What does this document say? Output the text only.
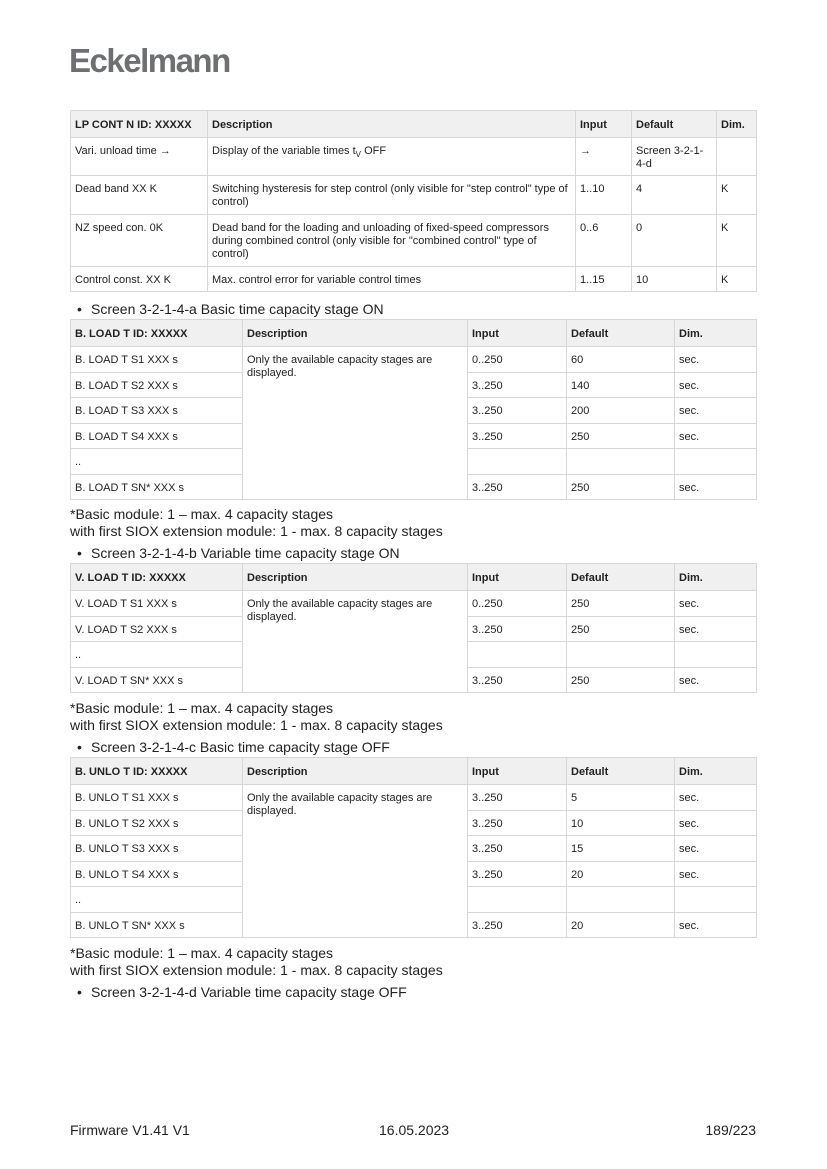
Eckelmann
LP CONT N ID: XXXXX	Description	Input	Default	Dim.
Vari. unload time →	Display of the variable times $t_V$ OFF	→	Screen 3-2-1-4-d	
Dead band XX K	Switching hysteresis for step control (only visible for "step control" type of control)	1..10	4	K
NZ speed con. 0K	Dead band for the loading and unloading of fixed-speed compressors during combined control (only visible for "combined control" type of control)	0..6	0	K
Control const. XX K	Max. control error for variable control times	1..15	10	K
• Screen 3-2-1-4-a Basic time capacity stage ON
B. LOAD T ID: XXXXX	Description	Input	Default	Dim.
B. LOAD T S1 XXX s	Only the available capacity stages are displayed.	0..250	60	sec.
B. LOAD T S2 XXX s		3..250	140	sec.
B. LOAD T S3 XXX s		3..250	200	sec.
B. LOAD T S4 XXX s		3..250	250	sec.
..				
B. LOAD T SN* XXX s		3..250	250	sec.
*Basic module: 1 – max. 4 capacity stages
with first SIOX extension module: 1 - max. 8 capacity stages
• Screen 3-2-1-4-b Variable time capacity stage ON
V. LOAD T ID: XXXXX	Description	Input	Default	Dim.
V. LOAD T S1 XXX s	Only the available capacity stages are displayed.	0..250	250	sec.
V. LOAD T S2 XXX s		3..250	250	sec.
..				
V. LOAD T SN* XXX s		3..250	250	sec.
*Basic module: 1 – max. 4 capacity stages
with first SIOX extension module: 1 - max. 8 capacity stages
• Screen 3-2-1-4-c Basic time capacity stage OFF
B. UNLO T ID: XXXXX	Description	Input	Default	Dim.
B. UNLO T S1 XXX s	Only the available capacity stages are displayed.	3..250	5	sec.
B. UNLO T S2 XXX s		3..250	10	sec.
B. UNLO T S3 XXX s		3..250	15	sec.
B. UNLO T S4 XXX s		3..250	20	sec.
..				
B. UNLO T SN* XXX s		3..250	20	sec.
*Basic module: 1 – max. 4 capacity stages
with first SIOX extension module: 1 - max. 8 capacity stages
• Screen 3-2-1-4-d Variable time capacity stage OFF
Firmware V1.41 V1	16.05.2023	189/223
